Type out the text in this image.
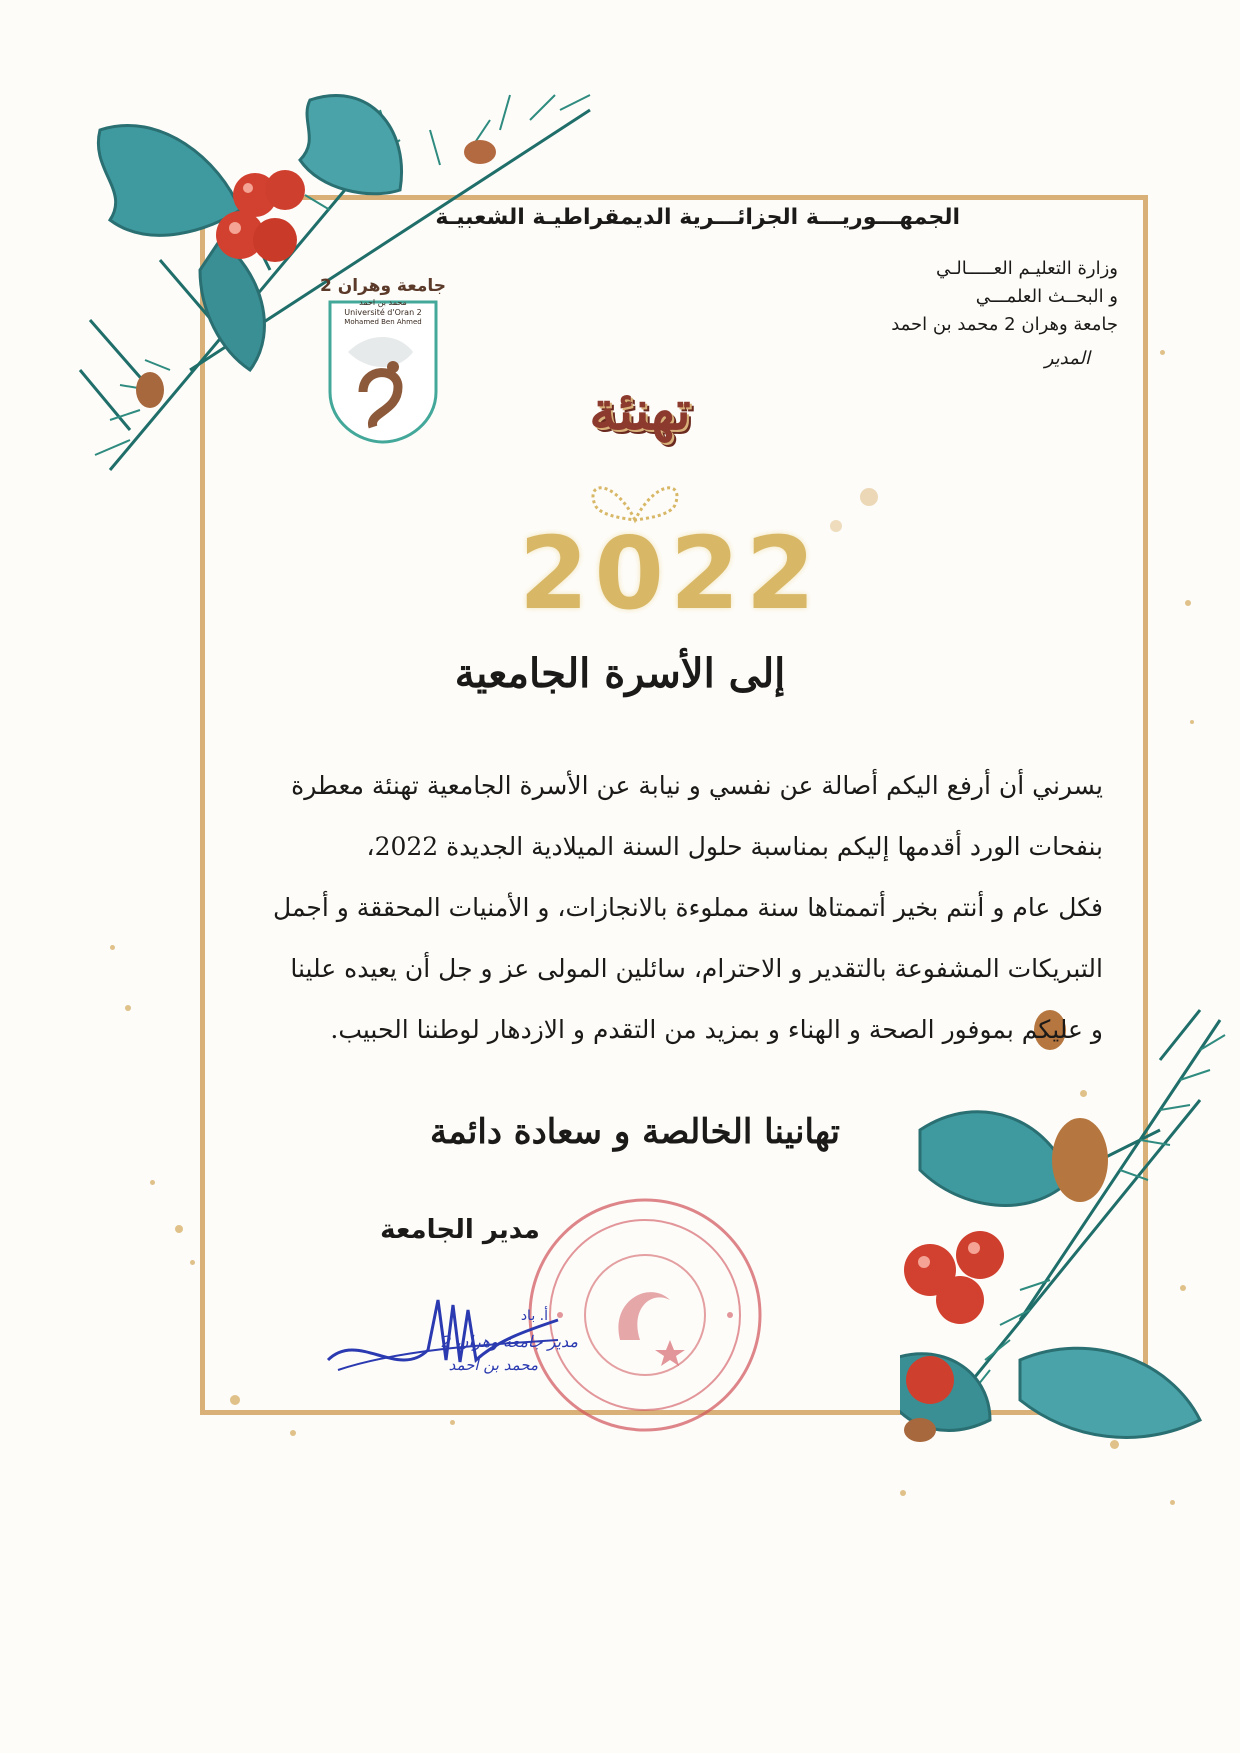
الجمهـــوريـــة الجزائـــرية الديمقراطيـة الشعبيـة
وزارة التعليـم العـــــالـي
و البحــث العلمـــي
جامعة وهران 2 محمد بن احمد
المدير
جامعة وهران 2
محمد بن احمد
Université d'Oran 2
Mohamed Ben Ahmed
تهنئة
2022
إلى الأسرة الجامعية

يسرني أن أرفع اليكم أصالة عن نفسي و نيابة عن الأسرة الجامعية تهنئة معطرة

بنفحات الورد أقدمها إليكم بمناسبة حلول السنة الميلادية الجديدة 2022،

فكل عام و أنتم بخير أتممتاها سنة مملوءة بالانجازات، و الأمنيات المحققة و أجمل

التبريكات المشفوعة بالتقدير و الاحترام، سائلين المولى عز و جل أن يعيده علينا

و عليكم بموفور الصحة و الهناء و بمزيد من التقدم و الازدهار لوطننا الحبيب.

تهانينا الخالصة و سعادة دائمة
مدير الجامعة
أ. باد
مدير جامعة وهران 2
محمد بن احمد
